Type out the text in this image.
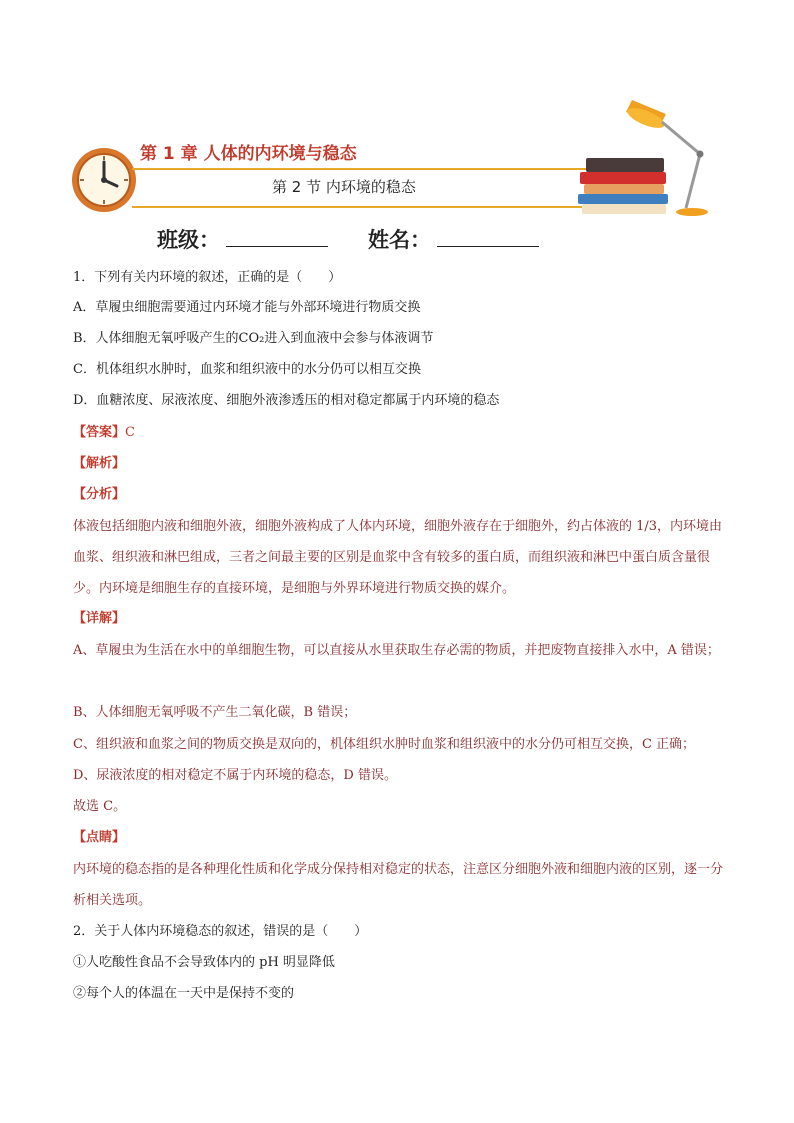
第 1 章 人体的内环境与稳态
第 2 节 内环境的稳态
班级：	姓名：
1．下列有关内环境的叙述，正确的是（　　）
A．草履虫细胞需要通过内环境才能与外部环境进行物质交换
B．人体细胞无氧呼吸产生的CO₂进入到血液中会参与体液调节
C．机体组织水肿时，血浆和组织液中的水分仍可以相互交换
D．血糖浓度、尿液浓度、细胞外液渗透压的相对稳定都属于内环境的稳态
【答案】C
【解析】
【分析】
体液包括细胞内液和细胞外液，细胞外液构成了人体内环境，细胞外液存在于细胞外，约占体液的 1/3，内环境由血浆、组织液和淋巴组成，三者之间最主要的区别是血浆中含有较多的蛋白质，而组织液和淋巴中蛋白质含量很少。内环境是细胞生存的直接环境，是细胞与外界环境进行物质交换的媒介。
【详解】
A、草履虫为生活在水中的单细胞生物，可以直接从水里获取生存必需的物质，并把废物直接排入水中，A 错误；
B、人体细胞无氧呼吸不产生二氧化碳，B 错误；
C、组织液和血浆之间的物质交换是双向的，机体组织水肿时血浆和组织液中的水分仍可相互交换，C 正确；
D、尿液浓度的相对稳定不属于内环境的稳态，D 错误。
故选 C。
【点睛】
内环境的稳态指的是各种理化性质和化学成分保持相对稳定的状态，注意区分细胞外液和细胞内液的区别，逐一分析相关选项。
2．关于人体内环境稳态的叙述，错误的是（　　）
①人吃酸性食品不会导致体内的 pH 明显降低
②每个人的体温在一天中是保持不变的
